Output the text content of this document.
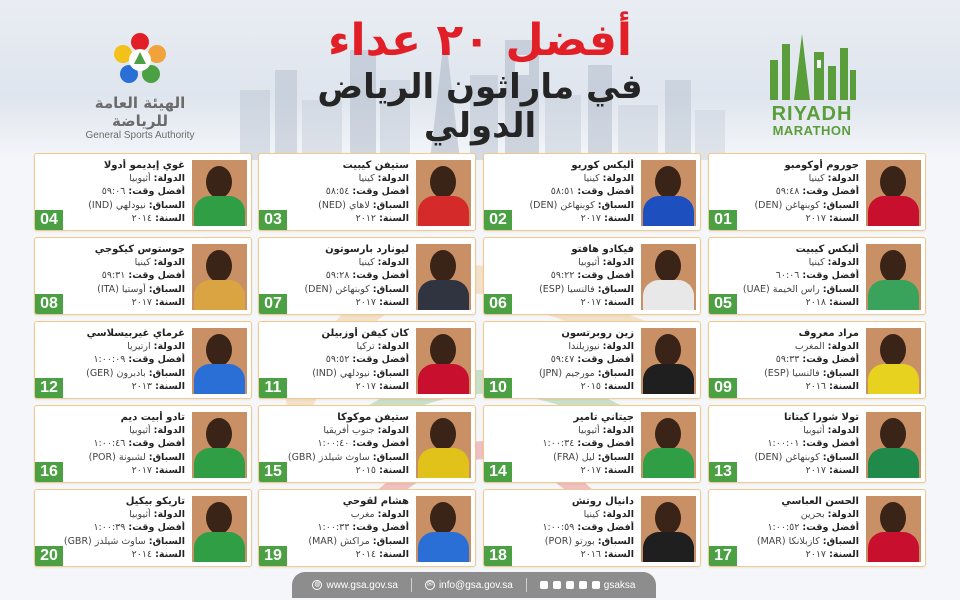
الهيئة العامة للرياضة
General Sports Authority
أفضل ٢٠ عداء
في ماراثون الرياض الدولي	RIYADH
MARATHON
01
جوروم أوكومبو
الدولة: كينيا
أفضل وقت: ٥٩:٤٨
السباق: كوبنهاغن (DEN)
السنة: ٢٠١٧
02
أليكس كوريو
الدولة: كينيا
أفضل وقت: ٥٨:٥١
السباق: كوبنهاغن (DEN)
السنة: ٢٠١٧
03
ستيفن كيبيت
الدولة: كينيا
أفضل وقت: ٥٨:٥٤
السباق: لاهاي (NED)
السنة: ٢٠١٢
04
غوي إيديمو أدولا
الدولة: أثيوبيا
أفضل وقت: ٥٩:٠٦
السباق: نيودلهي (IND)
السنة: ٢٠١٤
05
أليكس كيبيت
الدولة: كينيا
أفضل وقت: ٦٠:٠٦
السباق: راس الخيمة (UAE)
السنة: ٢٠١٨
06
فيكادو هافتو
الدولة: أثيوبيا
أفضل وقت: ٥٩:٢٢
السباق: فالنسيا (ESP)
السنة: ٢٠١٧
07
ليونارد بارسوتون
الدولة: كينيا
أفضل وقت: ٥٩:٢٨
السباق: كوبنهاغن (DEN)
السنة: ٢٠١٧
08
جوستوس كيكوجي
الدولة: كينيا
أفضل وقت: ٥٩:٣١
السباق: أوستيا (ITA)
السنة: ٢٠١٧
09
مراد معروف
الدولة: المغرب
أفضل وقت: ٥٩:٣٣
السباق: فالنسيا (ESP)
السنة: ٢٠١٦
10
زين روبرتسون
الدولة: نيوزيلندا
أفضل وقت: ٥٩:٤٧
السباق: مورجيم (JPN)
السنة: ٢٠١٥
11
كان كيفن أوزبيلن
الدولة: تركيا
أفضل وقت: ٥٩:٥٢
السباق: نيودلهي (IND)
السنة: ٢٠١٧
12
غرماي غيربيسلاسي
الدولة: ارتيريا
أفضل وقت: ١:٠٠:٠٩
السباق: بادبرون (GER)
السنة: ٢٠١٣
13
تولا شورا كيتاتا
الدولة: أثيوبيا
أفضل وقت: ١:٠٠:٠١
السباق: كوبنهاغن (DEN)
السنة: ٢٠١٧
14
جيتاني تامير
الدولة: أثيوبيا
أفضل وقت: ١:٠٠:٣٤
السباق: ليل (FRA)
السنة: ٢٠١٧
15
ستيفن موكوكا
الدولة: جنوب أفريقيا
أفضل وقت: ١:٠٠:٤٠
السباق: ساوث شيلدز (GBR)
السنة: ٢٠١٥
16
تادو أبيت ديم
الدولة: أثيوبيا
أفضل وقت: ١:٠٠:٤٦
السباق: لشبونة (POR)
السنة: ٢٠١٧
17
الحسن العباسي
الدولة: بحرين
أفضل وقت: ١:٠٠:٥٢
السباق: كازبلانكا (MAR)
السنة: ٢٠١٧
18
دانيال روتش
الدولة: كينيا
أفضل وقت: ١:٠٠:٥٩
السباق: بورتو (POR)
السنة: ٢٠١٦
19
هشام لقوحي
الدولة: مغرب
أفضل وقت: ١:٠٠:٣٣
السباق: مراكش (MAR)
السنة: ٢٠١٤
20
تاريكو بيكيل
الدولة: أثيوبيا
أفضل وقت: ١:٠٠:٣٩
السباق: ساوث شيلدز (GBR)
السنة: ٢٠١٤
◍ www.gsa.gov.sa	✉ info@gsa.gov.sa	gsaksa
